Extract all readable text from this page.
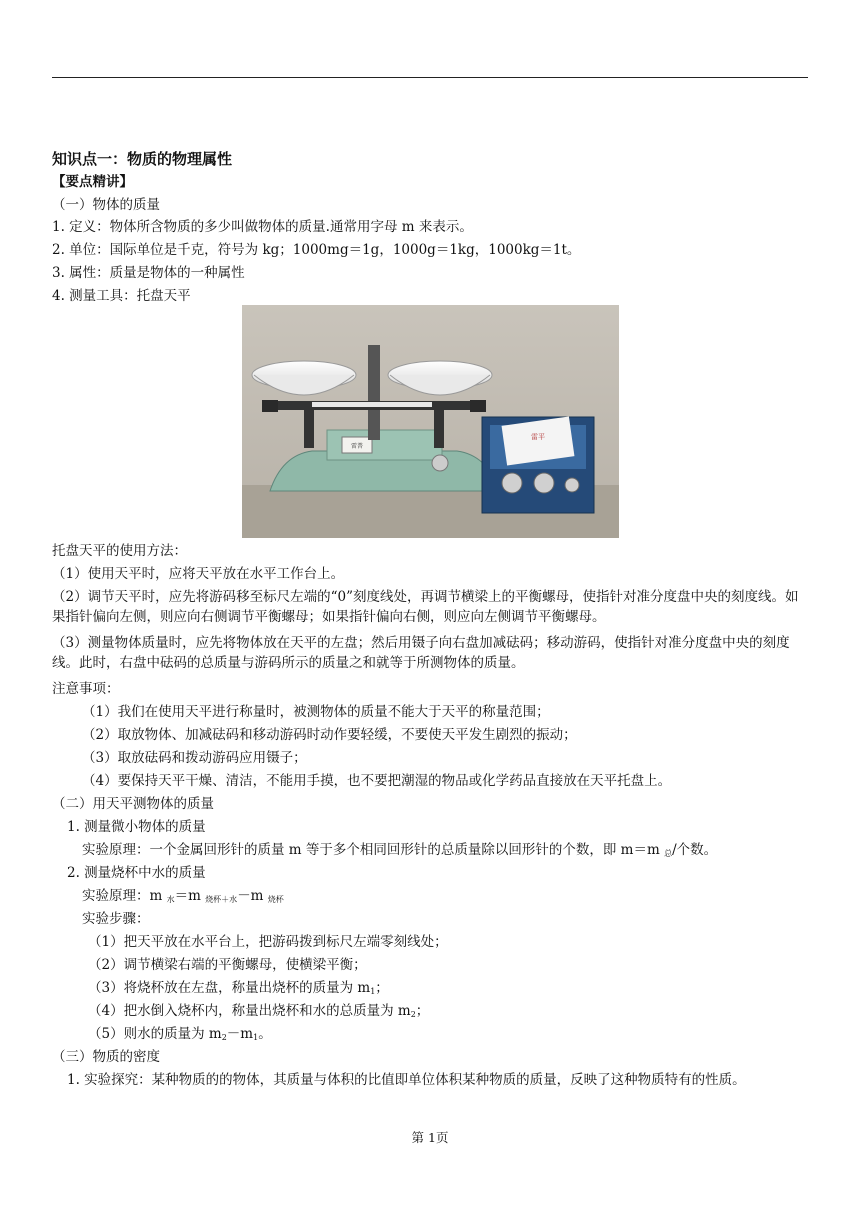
知识点一：物质的物理属性
【要点精讲】
（一）物体的质量
1. 定义：物体所含物质的多少叫做物体的质量.通常用字母 m 来表示。
2. 单位：国际单位是千克，符号为 kg；1000mg＝1g，1000g＝1kg，1000kg＝1t。
3. 属性：质量是物体的一种属性
4. 测量工具：托盘天平
雷平
雷普
托盘天平的使用方法：
（1）使用天平时，应将天平放在水平工作台上。
（2）调节天平时，应先将游码移至标尺左端的“0”刻度线处，再调节横梁上的平衡螺母，使指针对准分度盘中央的刻度线。如果指针偏向左侧，则应向右侧调节平衡螺母；如果指针偏向右侧，则应向左侧调节平衡螺母。
（3）测量物体质量时，应先将物体放在天平的左盘；然后用镊子向右盘加减砝码；移动游码，使指针对准分度盘中央的刻度线。此时，右盘中砝码的总质量与游码所示的质量之和就等于所测物体的质量。
注意事项：
（1）我们在使用天平进行称量时，被测物体的质量不能大于天平的称量范围；
（2）取放物体、加减砝码和移动游码时动作要轻缓，不要使天平发生剧烈的振动；
（3）取放砝码和拨动游码应用镊子；
（4）要保持天平干燥、清洁，不能用手摸，也不要把潮湿的物品或化学药品直接放在天平托盘上。
（二）用天平测物体的质量
1. 测量微小物体的质量
实验原理：一个金属回形针的质量 m 等于多个相同回形针的总质量除以回形针的个数，即 m＝m $_总$/个数。
2. 测量烧杯中水的质量
实验原理：m $_水$＝m $_{烧杯+水}$－m $_{烧杯}$
实验步骤：
（1）把天平放在水平台上，把游码拨到标尺左端零刻线处；
（2）调节横梁右端的平衡螺母，使横梁平衡；
（3）将烧杯放在左盘，称量出烧杯的质量为 $m_1$；
（4）把水倒入烧杯内，称量出烧杯和水的总质量为 $m_2$；
（5）则水的质量为 $m_2-m_1$。
（三）物质的密度
1. 实验探究：某种物质的的物体，其质量与体积的比值即单位体积某种物质的质量，反映了这种物质特有的性质。
第 1页
